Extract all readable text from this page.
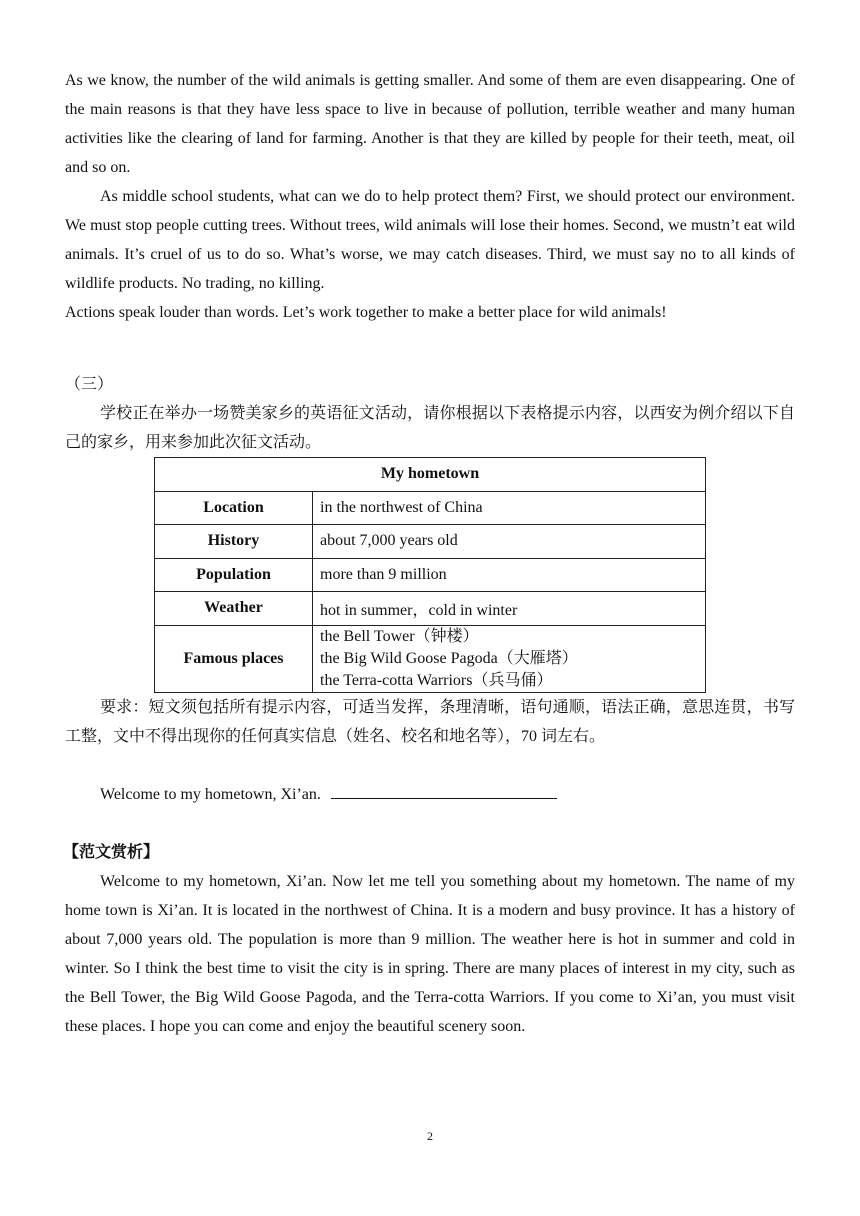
As we know, the number of the wild animals is getting smaller. And some of them are even disappearing. One of the main reasons is that they have less space to live in because of pollution, terrible weather and many human activities like the clearing of land for farming. Another is that they are killed by people for their teeth, meat, oil and so on.

As middle school students, what can we do to help protect them? First, we should protect our environment. We must stop people cutting trees. Without trees, wild animals will lose their homes. Second, we mustn’t eat wild animals. It’s cruel of us to do so. What’s worse, we may catch diseases. Third, we must say no to all kinds of wildlife products. No trading, no killing.

Actions speak louder than words. Let’s work together to make a better place for wild animals!

（三）

学校正在举办一场赞美家乡的英语征文活动，请你根据以下表格提示内容，以西安为例介绍以下自己的家乡，用来参加此次征文活动。

My hometown	
Location	in the northwest of China
History	about 7,000 years old
Population	more than 9 million
Weather	hot in summer，cold in winter
Famous places	the Bell Tower（钟楼）
the Big Wild Goose Pagoda（大雁塔）
the Terra-cotta Warriors（兵马俑）

要求：短文须包括所有提示内容，可适当发挥，条理清晰，语句通顺，语法正确，意思连贯，书写工整，文中不得出现你的任何真实信息（姓名、校名和地名等），70 词左右。

Welcome to my hometown, Xi’an.

【范文赏析】

Welcome to my hometown, Xi’an. Now let me tell you something about my hometown. The name of my home town is Xi’an. It is located in the northwest of China. It is a modern and busy province. It has a history of about 7,000 years old. The population is more than 9 million. The weather here is hot in summer and cold in winter. So I think the best time to visit the city is in spring. There are many places of interest in my city, such as the Bell Tower, the Big Wild Goose Pagoda, and the Terra-cotta Warriors. If you come to Xi’an, you must visit these places. I hope you can come and enjoy the beautiful scenery soon.

2
